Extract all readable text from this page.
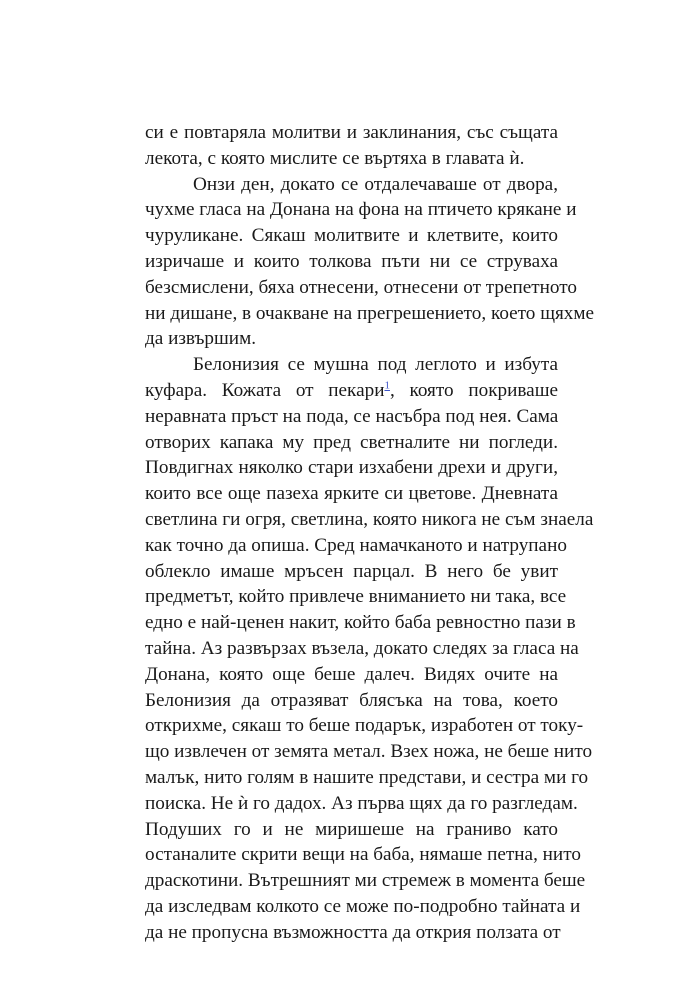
си е повтаряла молитви и заклинания, със същата
лекота, с която мислите се въртяха в главата ѝ.
Онзи ден, докато се отдалечаваше от двора,
чухме гласа на Донана на фона на птичето крякане и
чуруликане. Сякаш молитвите и клетвите, които
изричаше и които толкова пъти ни се струваха
безсмислени, бяха отнесени, отнесени от трепетното
ни дишане, в очакване на прегрешението, което щяхме
да извършим.
Белонизия се мушна под леглото и избута
куфара. Кожата от пекари$^1$, която покриваше
неравната пръст на пода, се насъбра под нея. Сама
отворих капака му пред светналите ни погледи.
Повдигнах няколко стари изхабени дрехи и други,
които все още пазеха ярките си цветове. Дневната
светлина ги огря, светлина, която никога не съм знаела
как точно да опиша. Сред намачканото и натрупано
облекло имаше мръсен парцал. В него бе увит
предметът, който привлече вниманието ни така, все
едно е най-ценен накит, който баба ревностно пази в
тайна. Аз развързах възела, докато следях за гласа на
Донана, която още беше далеч. Видях очите на
Белонизия да отразяват блясъка на това, което
открихме, сякаш то беше подарък, изработен от току-
що извлечен от земята метал. Взех ножа, не беше нито
малък, нито голям в нашите представи, и сестра ми го
поиска. Не ѝ го дадох. Аз първа щях да го разгледам.
Подуших го и не миришеше на граниво като
останалите скрити вещи на баба, нямаше петна, нито
драскотини. Вътрешният ми стремеж в момента беше
да изследвам колкото се може по-подробно тайната и
да не пропусна възможността да открия ползата от
